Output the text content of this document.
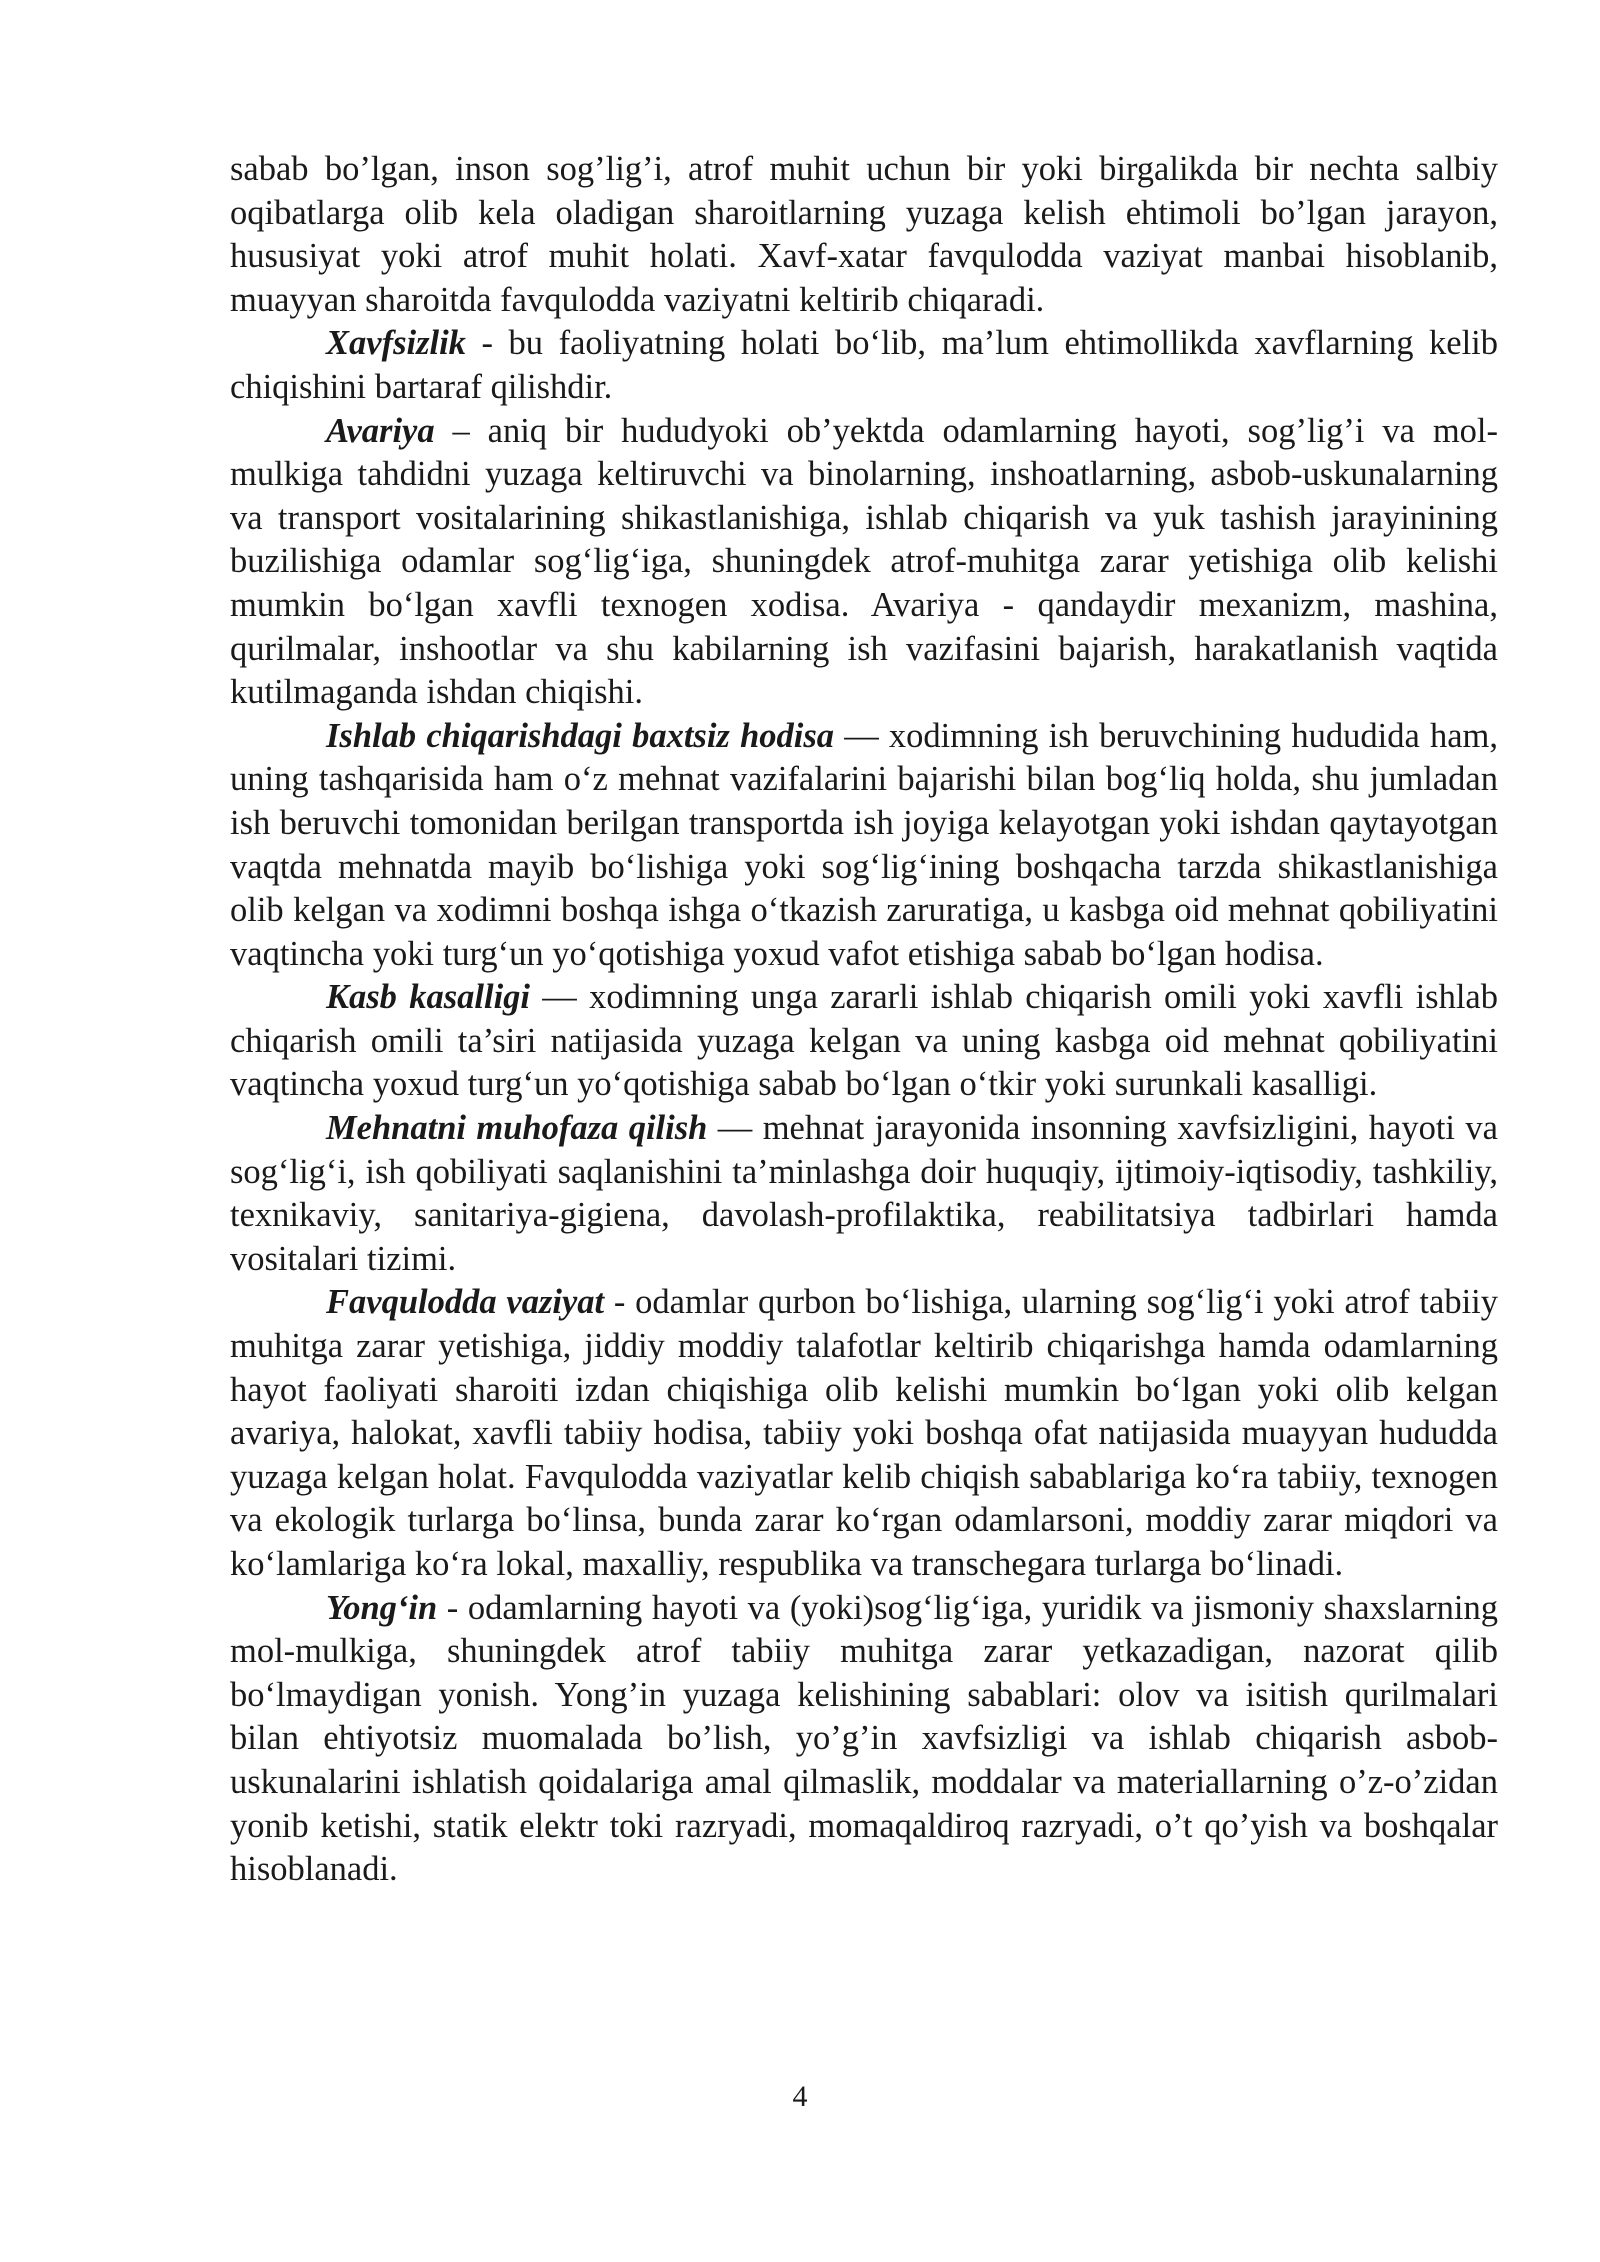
sabab bo’lgan, inson sog’lig’i, atrof muhit uchun bir yoki birgalikda bir nechta salbiy oqibatlarga olib kela oladigan sharoitlarning yuzaga kelish ehtimoli bo’lgan jarayon, hususiyat yoki atrof muhit holati. Xavf-xatar favqulodda vaziyat manbai hisoblanib, muayyan sharoitda favqulodda vaziyatni keltirib chiqaradi.

Xavfsizlik - bu faoliyatning holati bo‘lib, ma’lum ehtimollikda xavflarning kelib chiqishini bartaraf qilishdir.

Avariya – aniq bir hududyoki ob’yektda odamlarning hayoti, sog’lig’i va mol-mulkiga tahdidni yuzaga keltiruvchi va binolarning, inshoatlarning, asbob-uskunalarning va transport vositalarining shikastlanishiga, ishlab chiqarish va yuk tashish jarayinining buzilishiga odamlar sog‘lig‘iga, shuningdek atrof-muhitga zarar yetishiga olib kelishi mumkin bo‘lgan xavfli texnogen xodisa. Avariya - qandaydir mexanizm, mashina, qurilmalar, inshootlar va shu kabilarning ish vazifasini bajarish, harakatlanish vaqtida kutilmaganda ishdan chiqishi.

Ishlab chiqarishdagi baxtsiz hodisa — xodimning ish beruvchining hududida ham, uning tashqarisida ham o‘z mehnat vazifalarini bajarishi bilan bog‘liq holda, shu jumladan ish beruvchi tomonidan berilgan transportda ish joyiga kelayotgan yoki ishdan qaytayotgan vaqtda mehnatda mayib bo‘lishiga yoki sog‘lig‘ining boshqacha tarzda shikastlanishiga olib kelgan va xodimni boshqa ishga o‘tkazish zaruratiga, u kasbga oid mehnat qobiliyatini vaqtincha yoki turg‘un yo‘qotishiga yoxud vafot etishiga sabab bo‘lgan hodisa.

Kasb kasalligi — xodimning unga zararli ishlab chiqarish omili yoki xavfli ishlab chiqarish omili ta’siri natijasida yuzaga kelgan va uning kasbga oid mehnat qobiliyatini vaqtincha yoxud turg‘un yo‘qotishiga sabab bo‘lgan o‘tkir yoki surunkali kasalligi.

Mehnatni muhofaza qilish — mehnat jarayonida insonning xavfsizligini, hayoti va sog‘lig‘i, ish qobiliyati saqlanishini ta’minlashga doir huquqiy, ijtimoiy-iqtisodiy, tashkiliy, texnikaviy, sanitariya-gigiena, davolash-profilaktika, reabilitatsiya tadbirlari hamda vositalari tizimi.

Favqulodda vaziyat - odamlar qurbon bo‘lishiga, ularning sog‘lig‘i yoki atrof tabiiy muhitga zarar yetishiga, jiddiy moddiy talafotlar keltirib chiqarishga hamda odamlarning hayot faoliyati sharoiti izdan chiqishiga olib kelishi mumkin bo‘lgan yoki olib kelgan avariya, halokat, xavfli tabiiy hodisa, tabiiy yoki boshqa ofat natijasida muayyan hududda yuzaga kelgan holat. Favqulodda vaziyatlar kelib chiqish sabablariga ko‘ra tabiiy, texnogen va ekologik turlarga bo‘linsa, bunda zarar ko‘rgan odamlarsoni, moddiy zarar miqdori va ko‘lamlariga ko‘ra lokal, maxalliy, respublika va transchegara turlarga bo‘linadi.

Yong‘in - odamlarning hayoti va (yoki)sog‘lig‘iga, yuridik va jismoniy shaxslarning mol-mulkiga, shuningdek atrof tabiiy muhitga zarar yetkazadigan, nazorat qilib bo‘lmaydigan yonish. Yong’in yuzaga kelishining sabablari: olov va isitish qurilmalari bilan ehtiyotsiz muomalada bo’lish, yo’g’in xavfsizligi va ishlab chiqarish asbob-uskunalarini ishlatish qoidalariga amal qilmaslik, moddalar va materiallarning o’z-o’zidan yonib ketishi, statik elektr toki razryadi, momaqaldiroq razryadi, o’t qo’yish va boshqalar hisoblanadi.

4
